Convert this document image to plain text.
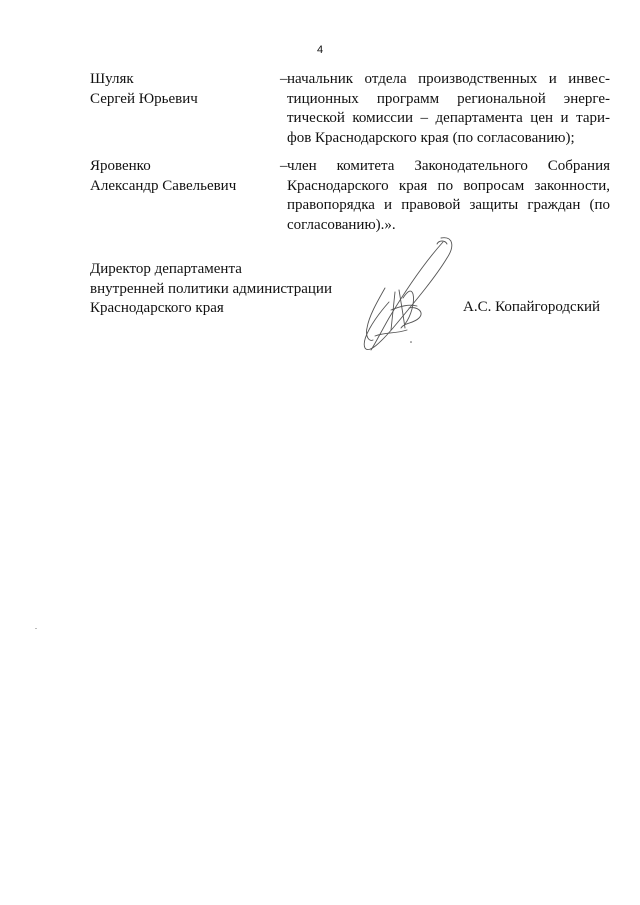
4
Шуляк
Сергей Юрьевич
– начальник отдела производственных и инвес-
тиционных программ региональной энерге-
тической комиссии – департамента цен и тари-
фов Краснодарского края (по согласованию);
Яровенко
Александр Савельевич
– член комитета Законодательного Собрания
Краснодарского края по вопросам законности,
правопорядка и правовой защиты граждан (по
согласованию).».
Директор департамента
внутренней политики администрации
Краснодарского края	А.С. Копайгородский
